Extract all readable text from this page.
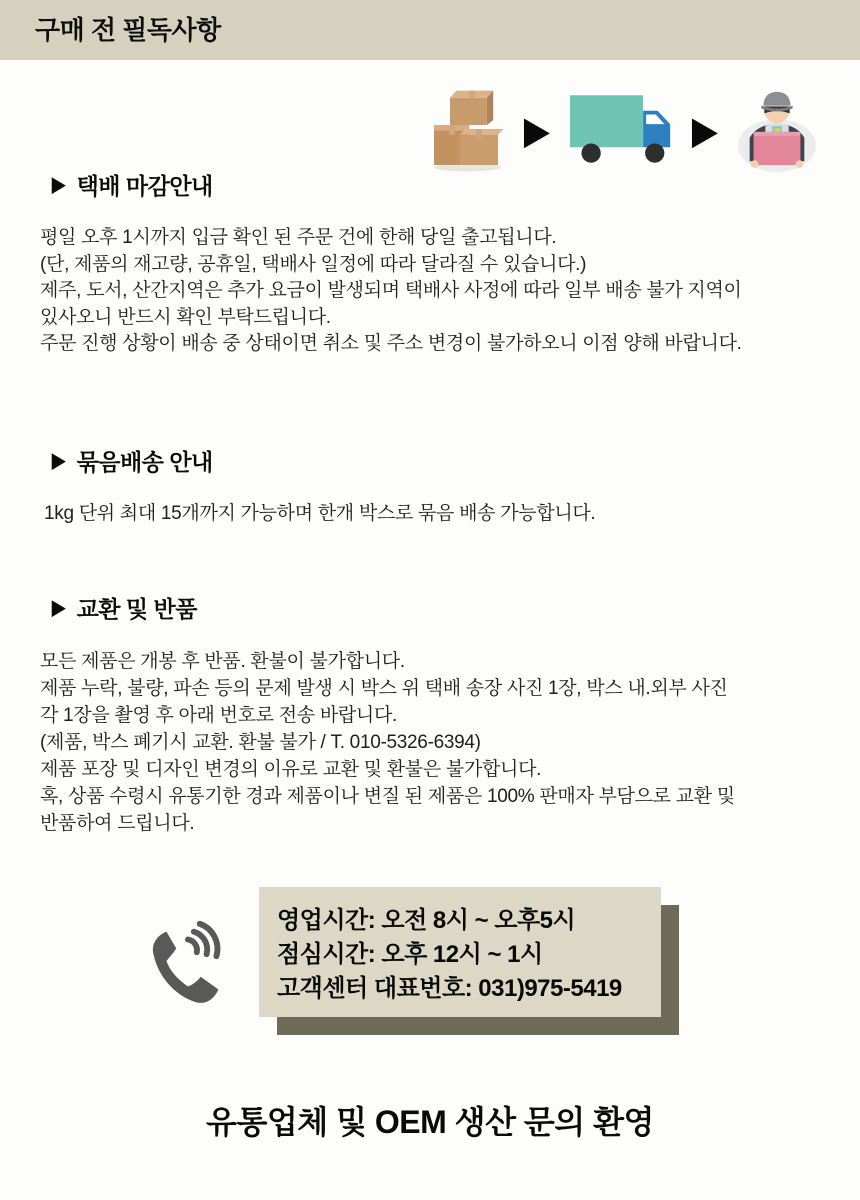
구매 전 필독사항
▶	▶
▶ 택배 마감안내
평일 오후 1시까지 입금 확인 된 주문 건에 한해 당일 출고됩니다.
(단, 제품의 재고량, 공휴일, 택배사 일정에 따라 달라질 수 있습니다.)
제주, 도서, 산간지역은 추가 요금이 발생되며 택배사 사정에 따라 일부 배송 불가 지역이
있사오니 반드시 확인 부탁드립니다.
주문 진행 상황이 배송 중 상태이면 취소 및 주소 변경이 불가하오니 이점 양해 바랍니다.
▶ 묶음배송 안내
1kg 단위 최대 15개까지 가능하며 한개 박스로 묶음 배송 가능합니다.
▶ 교환 및 반품
모든 제품은 개봉 후 반품. 환불이 불가합니다.
제품 누락, 불량, 파손 등의 문제 발생 시 박스 위 택배 송장 사진 1장, 박스 내.외부 사진
각 1장을 촬영 후 아래 번호로 전송 바랍니다.
(제품, 박스 폐기시 교환. 환불 불가 / T. 010-5326-6394)
제품 포장 및 디자인 변경의 이유로 교환 및 환불은 불가합니다.
혹, 상품 수령시 유통기한 경과 제품이나 변질 된 제품은 100% 판매자 부담으로 교환 및
반품하여 드립니다.
영업시간: 오전 8시 ~ 오후5시
점심시간: 오후 12시 ~ 1시
고객센터 대표번호: 031)975-5419
유통업체 및 OEM 생산 문의 환영
